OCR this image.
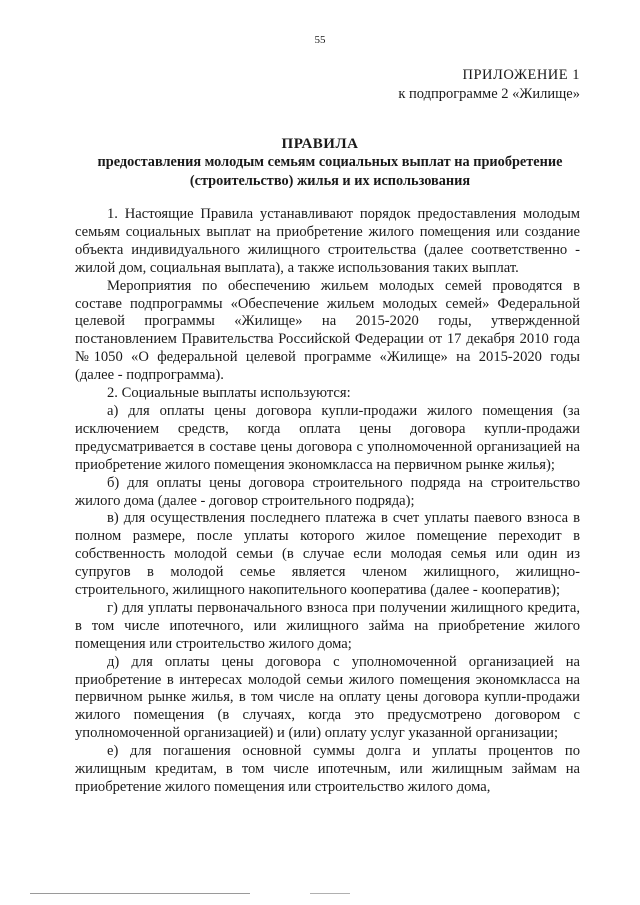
55
ПРИЛОЖЕНИЕ 1
к подпрограмме 2 «Жилище»
ПРАВИЛА
предоставления молодым семьям социальных выплат на приобретение (строительство) жилья и их использования

1. Настоящие Правила устанавливают порядок предоставления молодым семьям социальных выплат на приобретение жилого помещения или создание объекта индивидуального жилищного строительства (далее соответственно - жилой дом, социальная выплата), а также использования таких выплат.

Мероприятия по обеспечению жильем молодых семей проводятся в составе подпрограммы «Обеспечение жильем молодых семей» Федеральной целевой программы «Жилище» на 2015-2020 годы, утвержденной постановлением Правительства Российской Федерации от 17 декабря 2010 года №1050 «О федеральной целевой программе «Жилище» на 2015-2020 годы (далее - подпрограмма).

2. Социальные выплаты используются:

а) для оплаты цены договора купли-продажи жилого помещения (за исключением средств, когда оплата цены договора купли-продажи предусматривается в составе цены договора с уполномоченной организацией на приобретение жилого помещения экономкласса на первичном рынке жилья);

б) для оплаты цены договора строительного подряда на строительство жилого дома (далее - договор строительного подряда);

в) для осуществления последнего платежа в счет уплаты паевого взноса в полном размере, после уплаты которого жилое помещение переходит в собственность молодой семьи (в случае если молодая семья или один из супругов в молодой семье является членом жилищного, жилищно-строительного, жилищного накопительного кооператива (далее - кооператив);

г) для уплаты первоначального взноса при получении жилищного кредита, в том числе ипотечного, или жилищного займа на приобретение жилого помещения или строительство жилого дома;

д) для оплаты цены договора с уполномоченной организацией на приобретение в интересах молодой семьи жилого помещения экономкласса на первичном рынке жилья, в том числе на оплату цены договора купли-продажи жилого помещения (в случаях, когда это предусмотрено договором с уполномоченной организацией) и (или) оплату услуг указанной организации;

е) для погашения основной суммы долга и уплаты процентов по жилищным кредитам, в том числе ипотечным, или жилищным займам на приобретение жилого помещения или строительство жилого дома,
